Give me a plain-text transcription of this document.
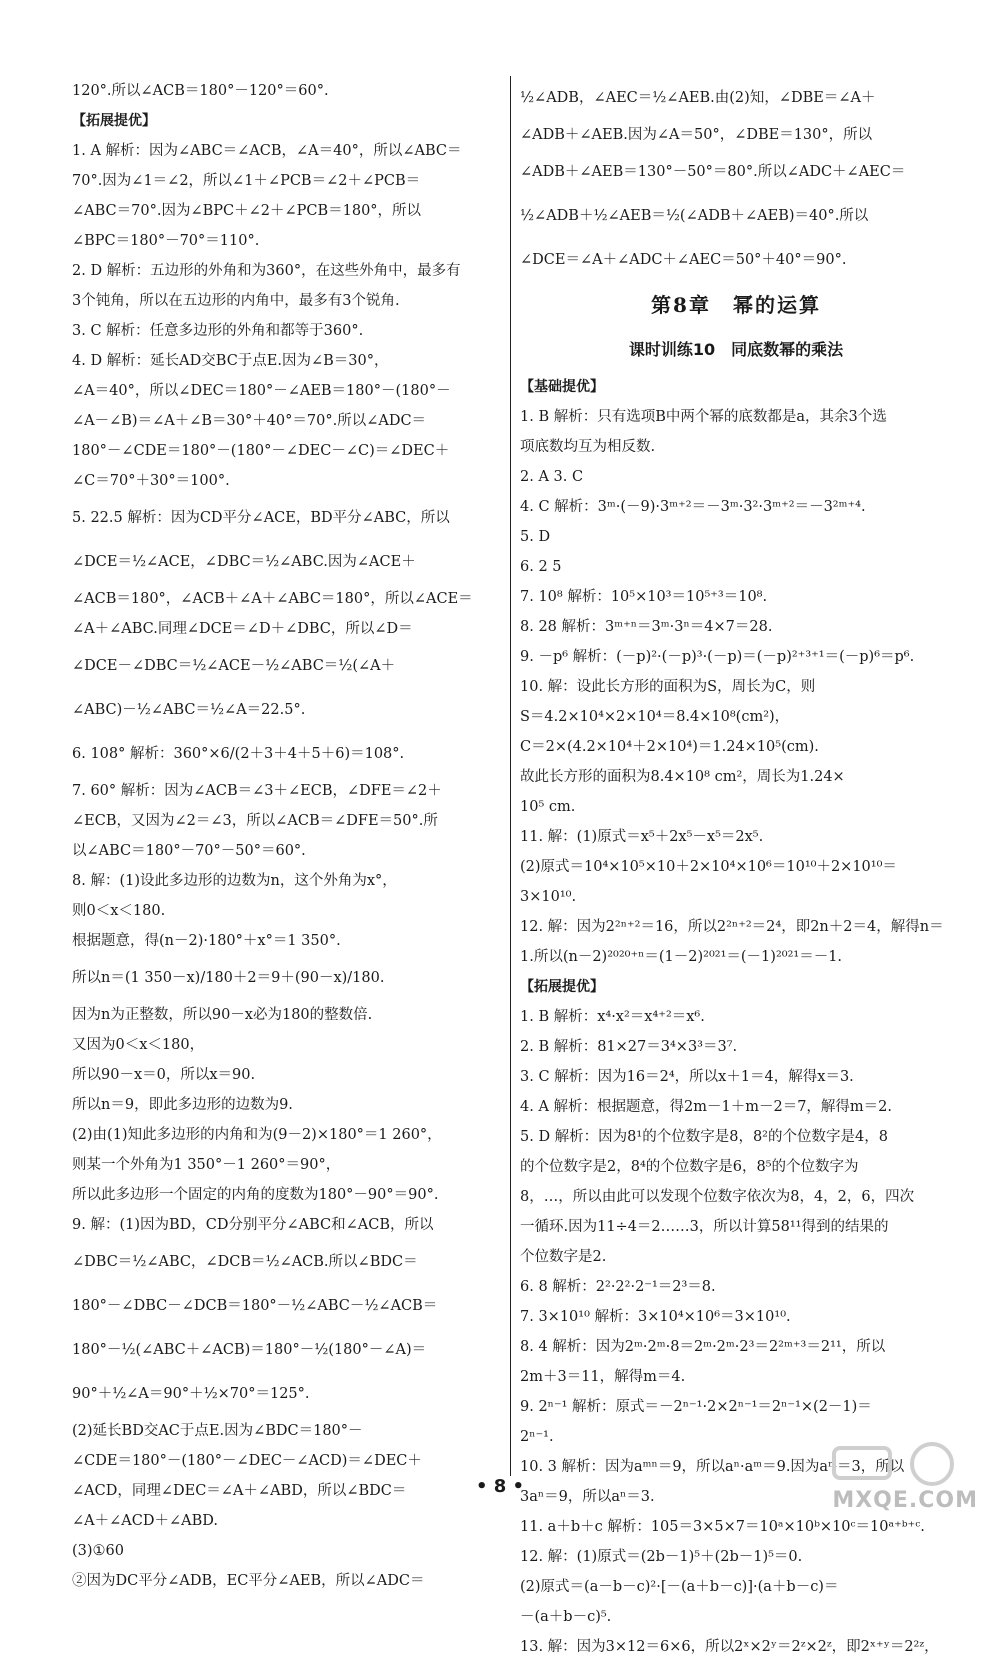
120°.所以∠ACB＝180°－120°＝60°.
【拓展提优】
1. A 解析：因为∠ABC＝∠ACB，∠A＝40°，所以∠ABC＝
70°.因为∠1＝∠2，所以∠1＋∠PCB＝∠2＋∠PCB＝
∠ABC＝70°.因为∠BPC＋∠2＋∠PCB＝180°，所以
∠BPC＝180°－70°＝110°.
2. D 解析：五边形的外角和为360°，在这些外角中，最多有
3个钝角，所以在五边形的内角中，最多有3个锐角.
3. C 解析：任意多边形的外角和都等于360°.
4. D 解析：延长AD交BC于点E.因为∠B＝30°，
∠A＝40°，所以∠DEC＝180°－∠AEB＝180°－(180°－
∠A－∠B)＝∠A＋∠B＝30°＋40°＝70°.所以∠ADC＝
180°－∠CDE＝180°－(180°－∠DEC－∠C)＝∠DEC＋
∠C＝70°＋30°＝100°.
5. 22.5 解析：因为CD平分∠ACE，BD平分∠ABC，所以
∠DCE＝½∠ACE，∠DBC＝½∠ABC.因为∠ACE＋
∠ACB＝180°，∠ACB＋∠A＋∠ABC＝180°，所以∠ACE＝
∠A＋∠ABC.同理∠DCE＝∠D＋∠DBC，所以∠D＝
∠DCE－∠DBC＝½∠ACE－½∠ABC＝½(∠A＋
∠ABC)－½∠ABC＝½∠A＝22.5°.
6. 108° 解析：360°×6/(2＋3＋4＋5＋6)＝108°.
7. 60° 解析：因为∠ACB＝∠3＋∠ECB，∠DFE＝∠2＋
∠ECB，又因为∠2＝∠3，所以∠ACB＝∠DFE＝50°.所
以∠ABC＝180°－70°－50°＝60°.
8. 解：(1)设此多边形的边数为n，这个外角为x°，
则0＜x＜180.
根据题意，得(n－2)·180°＋x°＝1 350°.
所以n＝(1 350－x)/180＋2＝9＋(90－x)/180.
因为n为正整数，所以90－x必为180的整数倍.
又因为0＜x＜180，
所以90－x＝0，所以x＝90.
所以n＝9，即此多边形的边数为9.
(2)由(1)知此多边形的内角和为(9－2)×180°＝1 260°，
则某一个外角为1 350°－1 260°＝90°，
所以此多边形一个固定的内角的度数为180°－90°＝90°.
9. 解：(1)因为BD，CD分别平分∠ABC和∠ACB，所以
∠DBC＝½∠ABC，∠DCB＝½∠ACB.所以∠BDC＝
180°－∠DBC－∠DCB＝180°－½∠ABC－½∠ACB＝
180°－½(∠ABC＋∠ACB)＝180°－½(180°－∠A)＝
90°＋½∠A＝90°＋½×70°＝125°.
(2)延长BD交AC于点E.因为∠BDC＝180°－
∠CDE＝180°－(180°－∠DEC－∠ACD)＝∠DEC＋
∠ACD，同理∠DEC＝∠A＋∠ABD，所以∠BDC＝
∠A＋∠ACD＋∠ABD.
(3)①60
②因为DC平分∠ADB，EC平分∠AEB，所以∠ADC＝
½∠ADB，∠AEC＝½∠AEB.由(2)知，∠DBE＝∠A＋
∠ADB＋∠AEB.因为∠A＝50°，∠DBE＝130°，所以
∠ADB＋∠AEB＝130°－50°＝80°.所以∠ADC＋∠AEC＝
½∠ADB＋½∠AEB＝½(∠ADB＋∠AEB)＝40°.所以
∠DCE＝∠A＋∠ADC＋∠AEC＝50°＋40°＝90°.
第8章　幂的运算
课时训练10　同底数幂的乘法
【基础提优】
1. B 解析：只有选项B中两个幂的底数都是a，其余3个选
项底数均互为相反数.
2. A 3. C
4. C 解析：3ᵐ·(－9)·3ᵐ⁺²＝－3ᵐ·3²·3ᵐ⁺²＝－3²ᵐ⁺⁴.
5. D
6. 2 5
7. 10⁸ 解析：10⁵×10³＝10⁵⁺³＝10⁸.
8. 28 解析：3ᵐ⁺ⁿ＝3ᵐ·3ⁿ＝4×7＝28.
9. －p⁶ 解析：(－p)²·(－p)³·(－p)＝(－p)²⁺³⁺¹＝(－p)⁶＝p⁶.
10. 解：设此长方形的面积为S，周长为C，则
S＝4.2×10⁴×2×10⁴＝8.4×10⁸(cm²)，
C＝2×(4.2×10⁴＋2×10⁴)＝1.24×10⁵(cm).
故此长方形的面积为8.4×10⁸ cm²，周长为1.24×
10⁵ cm.
11. 解：(1)原式＝x⁵＋2x⁵－x⁵＝2x⁵.
(2)原式＝10⁴×10⁵×10＋2×10⁴×10⁶＝10¹⁰＋2×10¹⁰＝
3×10¹⁰.
12. 解：因为2²ⁿ⁺²＝16，所以2²ⁿ⁺²＝2⁴，即2n＋2＝4，解得n＝
1.所以(n－2)²⁰²⁰⁺ⁿ＝(1－2)²⁰²¹＝(－1)²⁰²¹＝－1.
【拓展提优】
1. B 解析：x⁴·x²＝x⁴⁺²＝x⁶.
2. B 解析：81×27＝3⁴×3³＝3⁷.
3. C 解析：因为16＝2⁴，所以x＋1＝4，解得x＝3.
4. A 解析：根据题意，得2m－1＋m－2＝7，解得m＝2.
5. D 解析：因为8¹的个位数字是8，8²的个位数字是4，8
的个位数字是2，8⁴的个位数字是6，8⁵的个位数字为
8，…，所以由此可以发现个位数字依次为8，4，2，6，四次
一循环.因为11÷4＝2……3，所以计算58¹¹得到的结果的
个位数字是2.
6. 8 解析：2²·2²·2⁻¹＝2³＝8.
7. 3×10¹⁰ 解析：3×10⁴×10⁶＝3×10¹⁰.
8. 4 解析：因为2ᵐ·2ᵐ·8＝2ᵐ·2ᵐ·2³＝2²ᵐ⁺³＝2¹¹，所以
2m＋3＝11，解得m＝4.
9. 2ⁿ⁻¹ 解析：原式＝－2ⁿ⁻¹·2×2ⁿ⁻¹＝2ⁿ⁻¹×(2－1)＝
2ⁿ⁻¹.
10. 3 解析：因为aᵐⁿ＝9，所以aⁿ·aᵐ＝9.因为aᵐ＝3，所以
3aⁿ＝9，所以aⁿ＝3.
11. a＋b＋c 解析：105＝3×5×7＝10ᵃ×10ᵇ×10ᶜ＝10ᵃ⁺ᵇ⁺ᶜ.
12. 解：(1)原式＝(2b－1)⁵＋(2b－1)⁵＝0.
(2)原式＝(a－b－c)²·[－(a＋b－c)]·(a＋b－c)＝
－(a＋b－c)⁵.
13. 解：因为3×12＝6×6，所以2ˣ×2ʸ＝2ᶻ×2ᶻ，即2ˣ⁺ʸ＝2²ᶻ，
• 8 •
MXQE.COM
